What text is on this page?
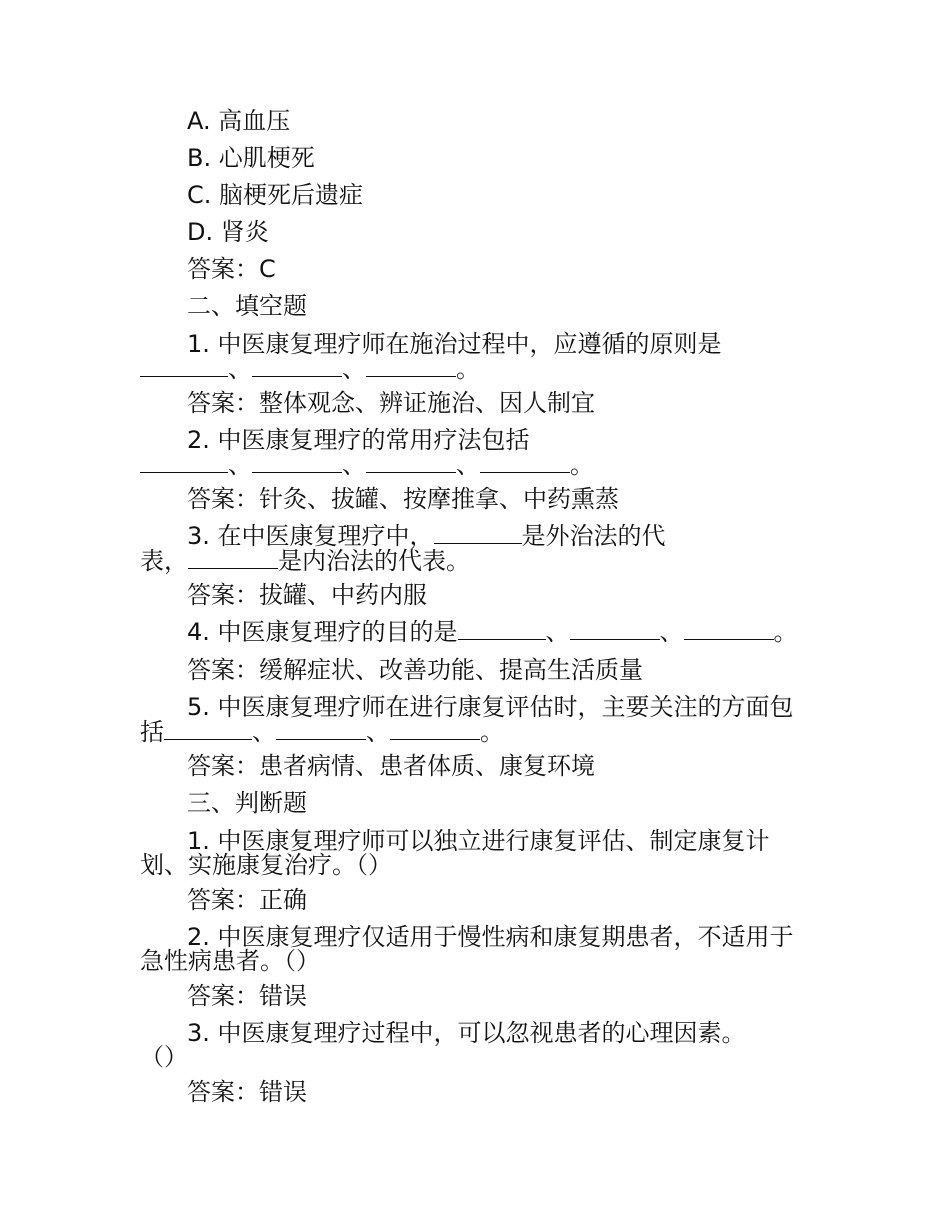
A. 高血压
B. 心肌梗死
C. 脑梗死后遗症
D. 肾炎
答案：C
二、填空题
1. 中医康复理疗师在施治过程中，应遵循的原则是
、	、	。
答案：整体观念、辨证施治、因人制宜
2. 中医康复理疗的常用疗法包括
、	、	、	。
答案：针灸、拔罐、按摩推拿、中药熏蒸
3. 在中医康复理疗中，	是外治法的代
表，	是内治法的代表。
答案：拔罐、中药内服
4. 中医康复理疗的目的是	、	、	。
答案：缓解症状、改善功能、提高生活质量
5. 中医康复理疗师在进行康复评估时，主要关注的方面包
括	、	、	。
答案：患者病情、患者体质、康复环境
三、判断题
1. 中医康复理疗师可以独立进行康复评估、制定康复计
划、实施康复治疗。（）
答案：正确
2. 中医康复理疗仅适用于慢性病和康复期患者，不适用于
急性病患者。（）
答案：错误
3. 中医康复理疗过程中，可以忽视患者的心理因素。
（）
答案：错误
